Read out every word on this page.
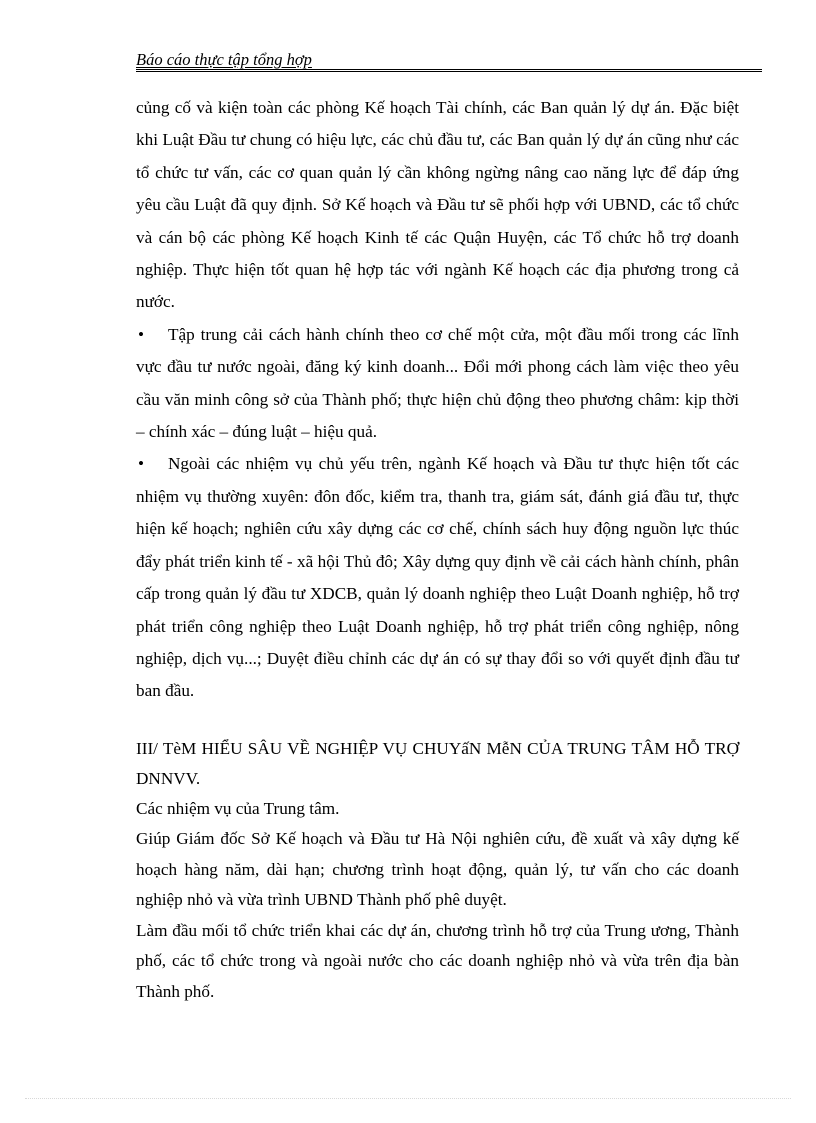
Báo cáo thực tập tổng hợp

củng cố và kiện toàn các phòng Kế hoạch Tài chính, các Ban quản lý dự án. Đặc biệt khi Luật Đầu tư chung có hiệu lực, các chủ đầu tư, các Ban quản lý dự án cũng như các tổ chức tư vấn, các cơ quan quản lý cần không ngừng nâng cao năng lực để đáp ứng yêu cầu Luật đã quy định. Sở Kế hoạch và Đầu tư sẽ phối hợp với UBND, các tổ chức và cán bộ các phòng Kế hoạch Kinh tế các Quận Huyện, các Tổ chức hỗ trợ doanh nghiệp. Thực hiện tốt quan hệ hợp tác với ngành Kế hoạch các địa phương trong cả nước.

• Tập trung cải cách hành chính theo cơ chế một cửa, một đầu mối trong các lĩnh vực đầu tư nước ngoài, đăng ký kinh doanh... Đổi mới phong cách làm việc theo yêu cầu văn minh công sở của Thành phố; thực hiện chủ động theo phương châm: kịp thời – chính xác – đúng luật – hiệu quả.

• Ngoài các nhiệm vụ chủ yếu trên, ngành Kế hoạch và Đầu tư thực hiện tốt các nhiệm vụ thường xuyên: đôn đốc, kiểm tra, thanh tra, giám sát, đánh giá đầu tư, thực hiện kế hoạch; nghiên cứu xây dựng các cơ chế, chính sách huy động nguồn lực thúc đẩy phát triển kinh tế - xã hội Thủ đô; Xây dựng quy định về cải cách hành chính, phân cấp trong quản lý đầu tư XDCB, quản lý doanh nghiệp theo Luật Doanh nghiệp, hỗ trợ phát triển công nghiệp theo Luật Doanh nghiệp, hỗ trợ phát triển công nghiệp, nông nghiệp, dịch vụ...; Duyệt điều chỉnh các dự án có sự thay đổi so với quyết định đầu tư ban đầu.

III/ TèM HIỂU SÂU VỀ NGHIỆP VỤ CHUYấN MễN CỦA TRUNG TÂM HỖ TRỢ DNNVV.

Các nhiệm vụ của Trung tâm.

Giúp Giám đốc Sở Kế hoạch và Đầu tư Hà Nội nghiên cứu, đề xuất và xây dựng kế hoạch hàng năm, dài hạn; chương trình hoạt động, quản lý, tư vấn cho các doanh nghiệp nhỏ và vừa trình UBND Thành phố phê duyệt.

Làm đầu mối tổ chức triển khai các dự án, chương trình hỗ trợ của Trung ương, Thành phố, các tổ chức trong và ngoài nước cho các doanh nghiệp nhỏ và vừa trên địa bàn Thành phố.
